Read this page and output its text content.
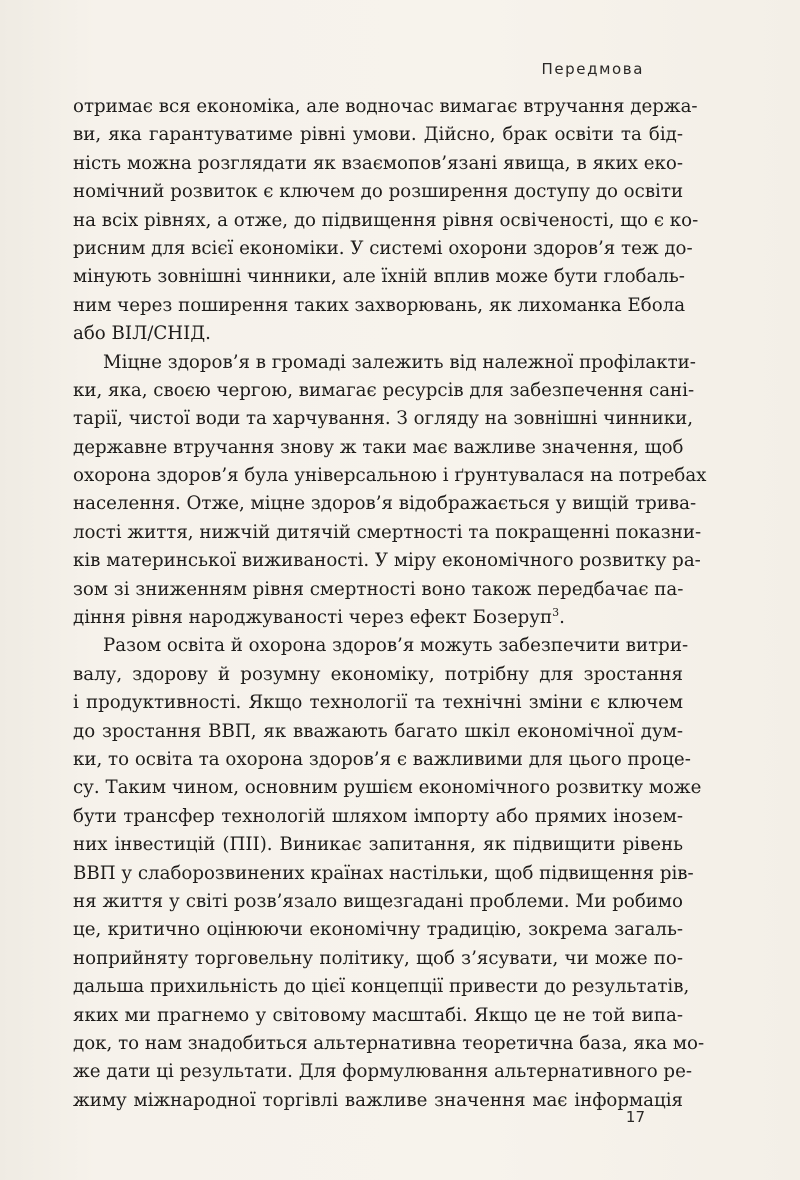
Передмова
отримає вся економіка, але водночас вимагає втручання держа-
ви, яка гарантуватиме рівні умови. Дійсно, брак освіти та бід-
ність можна розглядати як взаємопов’язані явища, в яких еко-
номічний розвиток є ключем до розширення доступу до освіти
на всіх рівнях, а отже, до підвищення рівня освіченості, що є ко-
рисним для всієї економіки. У системі охорони здоров’я теж до-
мінують зовнішні чинники, але їхній вплив може бути глобаль-
ним через поширення таких захворювань, як лихоманка Ебола
або ВІЛ/СНІД.
Міцне здоров’я в громаді залежить від належної профілакти-
ки, яка, своєю чергою, вимагає ресурсів для забезпечення сані-
тарії, чистої води та харчування. З огляду на зовнішні чинники,
державне втручання знову ж таки має важливе значення, щоб
охорона здоров’я була універсальною і ґрунтувалася на потребах
населення. Отже, міцне здоров’я відображається у вищій трива-
лості життя, нижчій дитячій смертності та покращенні показни-
ків материнської виживаності. У міру економічного розвитку ра-
зом зі зниженням рівня смертності воно також передбачає па-
діння рівня народжуваності через ефект Бозеруп$^3$.
Разом освіта й охорона здоров’я можуть забезпечити витри-
валу, здорову й розумну економіку, потрібну для зростання
і продуктивності. Якщо технології та технічні зміни є ключем
до зростання ВВП, як вважають багато шкіл економічної дум-
ки, то освіта та охорона здоров’я є важливими для цього проце-
су. Таким чином, основним рушієм економічного розвитку може
бути трансфер технологій шляхом імпорту або прямих інозем-
них інвестицій (ПІІ). Виникає запитання, як підвищити рівень
ВВП у слаборозвинених країнах настільки, щоб підвищення рів-
ня життя у світі розв’язало вищезгадані проблеми. Ми робимо
це, критично оцінюючи економічну традицію, зокрема загаль-
ноприйняту торговельну політику, щоб з’ясувати, чи може по-
дальша прихильність до цієї концепції привести до результатів,
яких ми прагнемо у світовому масштабі. Якщо це не той випа-
док, то нам знадобиться альтернативна теоретична база, яка мо-
же дати ці результати. Для формулювання альтернативного ре-
жиму міжнародної торгівлі важливе значення має інформація
17
